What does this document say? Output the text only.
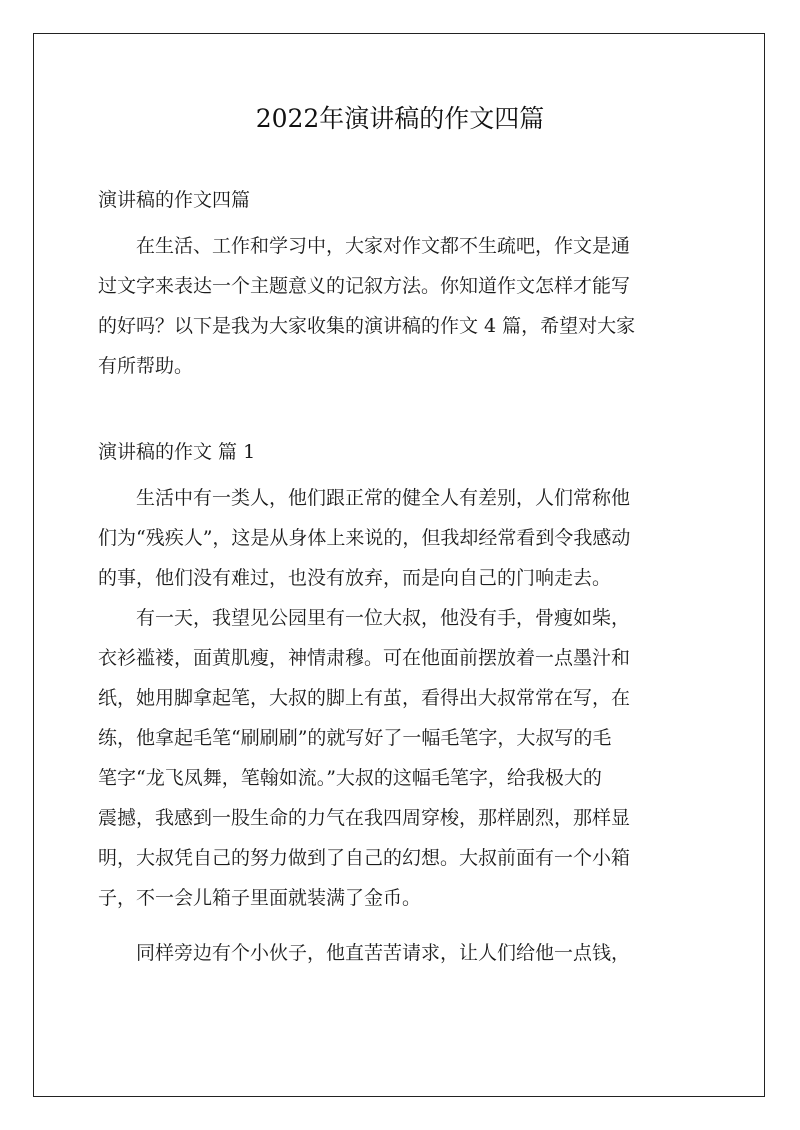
2022年演讲稿的作文四篇
演讲稿的作文四篇

在生活、工作和学习中，大家对作文都不生疏吧，作文是通
过文字来表达一个主题意义的记叙方法。你知道作文怎样才能写
的好吗？以下是我为大家收集的演讲稿的作文 4 篇，希望对大家
有所帮助。

演讲稿的作文 篇 1

生活中有一类人，他们跟正常的健全人有差别，人们常称他
们为“残疾人”，这是从身体上来说的，但我却经常看到令我感动
的事，他们没有难过，也没有放弃，而是向自己的门响走去。

有一天，我望见公园里有一位大叔，他没有手，骨瘦如柴，
衣衫褴褛，面黄肌瘦，神情肃穆。可在他面前摆放着一点墨汁和
纸，她用脚拿起笔，大叔的脚上有茧，看得出大叔常常在写，在
练，他拿起毛笔“刷刷刷”的就写好了一幅毛笔字，大叔写的毛
笔字“龙飞凤舞，笔翰如流。”大叔的这幅毛笔字，给我极大的
震撼，我感到一股生命的力气在我四周穿梭，那样剧烈，那样显
明，大叔凭自己的努力做到了自己的幻想。大叔前面有一个小箱
子，不一会儿箱子里面就装满了金币。

同样旁边有个小伙子，他直苦苦请求，让人们给他一点钱，
